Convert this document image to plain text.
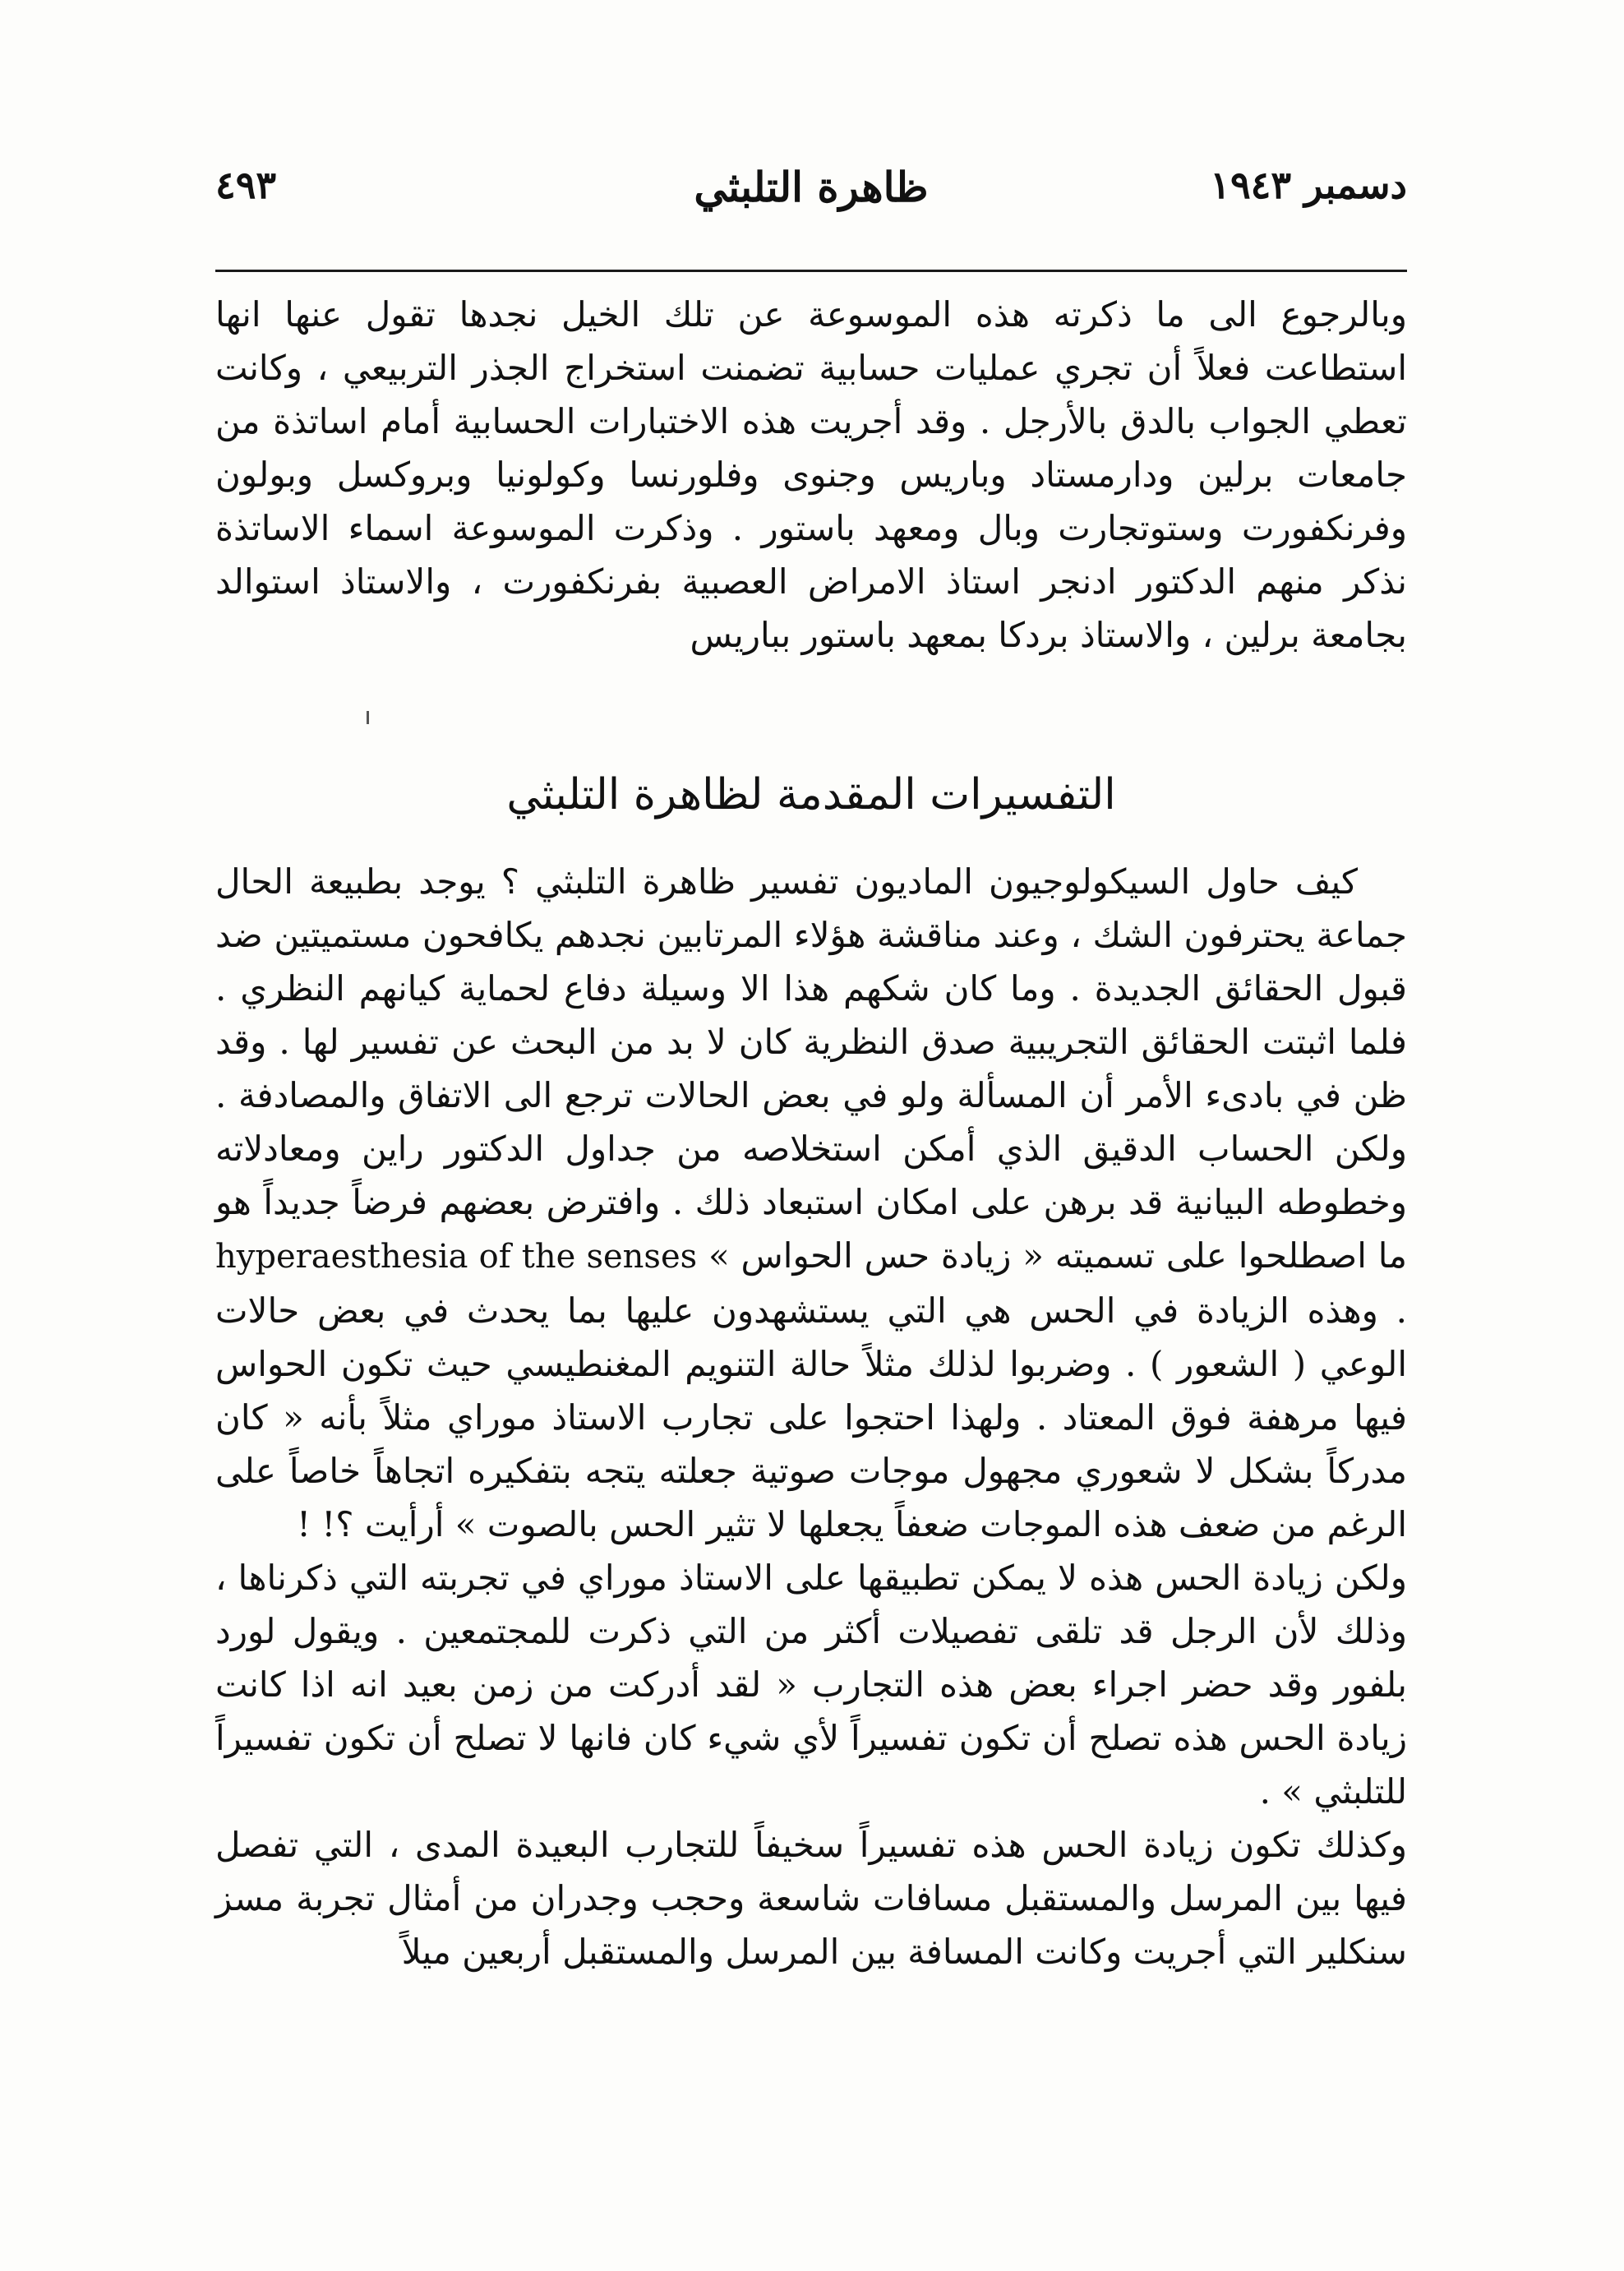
دسمبر ١٩٤٣
ظاهرة التلبثي
٤٩٣

وبالرجوع الى ما ذكرته هذه الموسوعة عن تلك الخيل نجدها تقول عنها انها استطاعت فعلاً أن تجري عمليات حسابية تضمنت استخراج الجذر التربيعي ، وكانت تعطي الجواب بالدق بالأرجل . وقد أجريت هذه الاختبارات الحسابية أمام اساتذة من جامعات برلين ودارمستاد وباريس وجنوى وفلورنسا وكولونيا وبروكسل وبولون وفرنكفورت وستوتجارت وبال ومعهد باستور . وذكرت الموسوعة اسماء الاساتذة نذكر منهم الدكتور ادنجر استاذ الامراض العصبية بفرنكفورت ، والاستاذ استوالد بجامعة برلين ، والاستاذ بردكا بمعهد باستور بباريس

التفسيرات المقدمة لظاهرة التلبثي

كيف حاول السيكولوجيون الماديون تفسير ظاهرة التلبثي ؟ يوجد بطبيعة الحال جماعة يحترفون الشك ، وعند مناقشة هؤلاء المرتابين نجدهم يكافحون مستميتين ضد قبول الحقائق الجديدة . وما كان شكهم هذا الا وسيلة دفاع لحماية كيانهم النظري . فلما اثبتت الحقائق التجريبية صدق النظرية كان لا بد من البحث عن تفسير لها . وقد ظن في بادىء الأمر أن المسألة ولو في بعض الحالات ترجع الى الاتفاق والمصادفة . ولكن الحساب الدقيق الذي أمكن استخلاصه من جداول الدكتور راين ومعادلاته وخطوطه البيانية قد برهن على امكان استبعاد ذلك . وافترض بعضهم فرضاً جديداً هو ما اصطلحوا على تسميته « زيادة حس الحواس » hyperaesthesia of the senses . وهذه الزيادة في الحس هي التي يستشهدون عليها بما يحدث في بعض حالات الوعي ( الشعور ) . وضربوا لذلك مثلاً حالة التنويم المغنطيسي حيث تكون الحواس فيها مرهفة فوق المعتاد . ولهذا احتجوا على تجارب الاستاذ موراي مثلاً بأنه « كان مدركاً بشكل لا شعوري مجهول موجات صوتية جعلته يتجه بتفكيره اتجاهاً خاصاً على الرغم من ضعف هذه الموجات ضعفاً يجعلها لا تثير الحس بالصوت » أرأيت ؟! !

ولكن زيادة الحس هذه لا يمكن تطبيقها على الاستاذ موراي في تجربته التي ذكرناها ، وذلك لأن الرجل قد تلقى تفصيلات أكثر من التي ذكرت للمجتمعين . ويقول لورد بلفور وقد حضر اجراء بعض هذه التجارب « لقد أدركت من زمن بعيد انه اذا كانت زيادة الحس هذه تصلح أن تكون تفسيراً لأي شيء كان فانها لا تصلح أن تكون تفسيراً للتلبثي » .

وكذلك تكون زيادة الحس هذه تفسيراً سخيفاً للتجارب البعيدة المدى ، التي تفصل فيها بين المرسل والمستقبل مسافات شاسعة وحجب وجدران من أمثال تجربة مسز سنكلير التي أجريت وكانت المسافة بين المرسل والمستقبل أربعين ميلاً
